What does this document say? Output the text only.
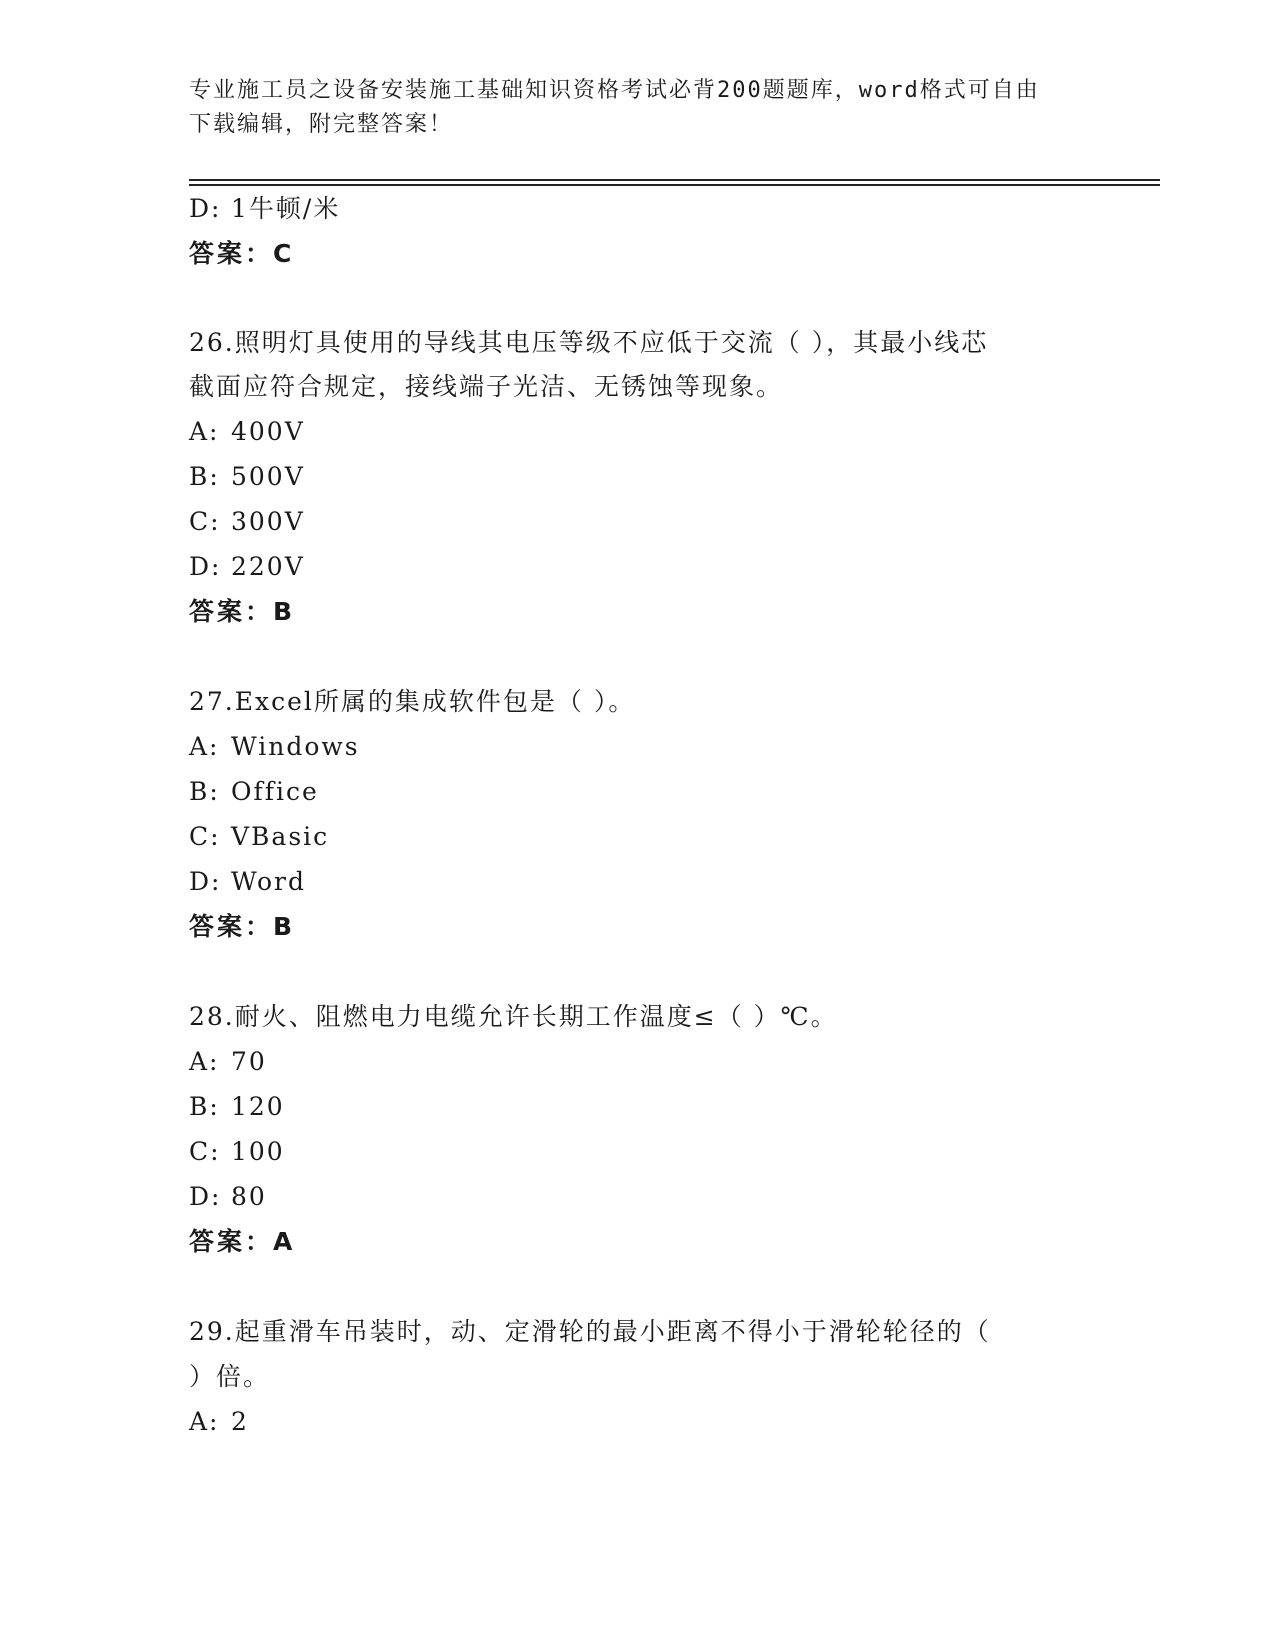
专业施工员之设备安装施工基础知识资格考试必背200题题库，word格式可自由
下载编辑，附完整答案！
D: 1牛顿/米
答案：C
26.照明灯具使用的导线其电压等级不应低于交流（ ），其最小线芯
截面应符合规定，接线端子光洁、无锈蚀等现象。
A: 400V
B: 500V
C: 300V
D: 220V
答案：B
27.Excel所属的集成软件包是（ ）。
A: Windows
B: Office
C: VBasic
D: Word
答案：B
28.耐火、阻燃电力电缆允许长期工作温度≤（ ）℃。
A: 70
B: 120
C: 100
D: 80
答案：A
29.起重滑车吊装时，动、定滑轮的最小距离不得小于滑轮轮径的（
）倍。
A: 2
